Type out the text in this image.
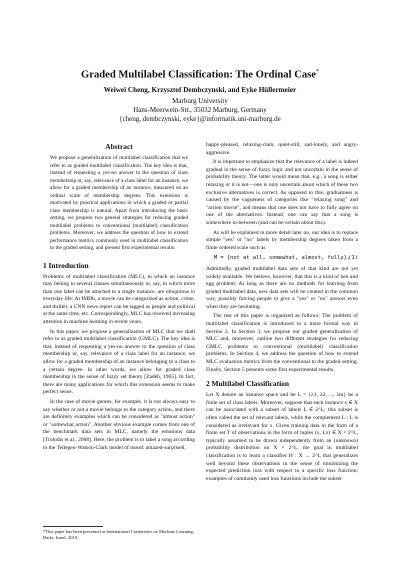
Graded Multilabel Classification: The Ordinal Case*
Weiwei Cheng, Krzysztof Dembczynski, and Eyke Hüllermeier
Marburg University
Hans-Meerwein-Str., 35032 Marburg, Germany
{cheng, dembczynski, eyke}@informatik.uni-marburg.de
Abstract

We propose a generalization of multilabel classification that we refer to as graded multilabel classification. The key idea is that, instead of requesting a yes-no answer to the question of class membership or, say, relevance of a class label for an instance, we allow for a graded membership of an instance, measured on an ordinal scale of membership degrees. This extension is motivated by practical applications in which a graded or partial class membership is natural. Apart from introducing the basic setting, we propose two general strategies for reducing graded multilabel problems to conventional (multilabel) classification problems. Moreover, we address the question of how to extend performance metrics commonly used in multilabel classification to the graded setting, and present first experimental results.

1 Introduction

Problems of multilabel classification (MLC), in which an instance may belong to several classes simultaneously or, say, in which more than one label can be attached to a single instance, are ubiquitous in everyday life: At IMDb, a movie can be categorized as action, crime, and thriller, a CNN news report can be tagged as people and political at the same time, etc. Correspondingly, MLC has received increasing attention in machine learning in recent years.

In this paper, we propose a generalization of MLC that we shall refer to as graded multilabel classification (GMLC). The key idea is that, instead of requesting a yes-no answer to the question of class membership or, say, relevance of a class label for an instance, we allow for a graded membership of an instance belonging to a class to a certain degree. In other words, we allow for graded class membership in the sense of fuzzy set theory [Zadeh, 1965]. In fact, there are many applications for which this extension seems to make perfect sense.

In the case of movie genres, for example, it is not always easy to say whether or not a movie belongs to the category action, and there are definitely examples which can be considered as "almost action" or "somewhat action". Another obvious example comes from one of the benchmark data sets in MLC, namely the emotions data [Trohidis et al., 2008]. Here, the problem is to label a song according to the Tellegen-Watson-Clark model of mood: amazed-surprised,

*This paper has been presented at International Conference on Machine Learning, Haifa, Israel, 2010.

happy-pleased, relaxing-clam, quiet-still, sad-lonely, and angry-aggressive.

It is important to emphasize that the relevance of a label is indeed gradual in the sense of fuzzy logic and not uncertain in the sense of probability theory. The latter would mean that, e.g., a song is either relaxing or it is not—one is only uncertain about which of these two exclusive alternatives is correct. As opposed to this, gradualness is caused by the vagueness of categories like "relaxing song" and "action movie", and means that one does not have to fully agree on one of the alternatives. Instead, one can say that a song is somewhere in-between (and can be certain about this).

As will be explained in more detail later on, our idea is to replace simple "yes" or "no" labels by membership degrees taken from a finite ordered scale such as

M = {not at all, somewhat, almost, fully},
(1)

Admittedly, graded multilabel data sets of that kind are not yet widely available. We believe, however, that this is a kind of hen and egg problem: As long as there are no methods for learning from graded multilabel data, new data sets will be created in the common way, possibly forcing people to give a "yes" or "no" answer even when they are hesitating.

The rest of this paper is organized as follows: The problem of multilabel classification is introduced in a more formal way in Section 2. In Section 3, we propose our graded generalization of MLC and, moreover, outline two different strategies for reducing GMLC problems to conventional (multilabel) classification problems. In Section 4, we address the question of how to extend MLC evaluation metrics from the conventional to the graded setting. Finally, Section 5 presents some first experimental results.

2 Multilabel Classification

Let X denote an instance space and let L = {λ1, λ2, ..., λm} be a finite set of class labels. Moreover, suppose that each instance x ∈ X can be associated with a subset of labels L ∈ 2^L; this subset is often called the set of relevant labels, while the complement L \ L is considered as irrelevant for x. Given training data in the form of a finite set T of observations in the form of tuples (x, Lx) ∈ X × 2^L, typically assumed to be drawn independently from an (unknown) probability distribution on X × 2^L, the goal in multilabel classification is to learn a classifier H : X → 2^L that generalizes well beyond these observations in the sense of minimizing the expected prediction loss with respect to a specific loss function; examples of commonly used loss functions include the subset
